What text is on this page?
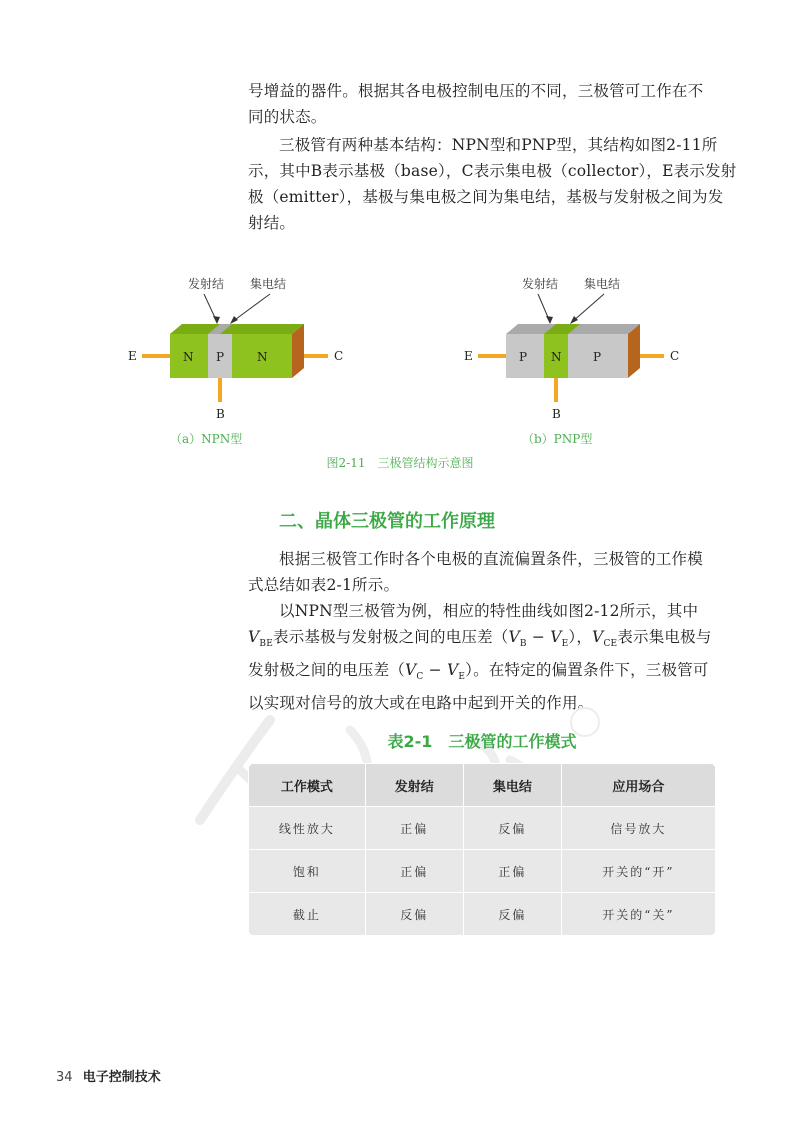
号增益的器件。根据其各电极控制电压的不同，三极管可工作在不
同的状态。
三极管有两种基本结构：NPN型和PNP型，其结构如图2-11所
示，其中B表示基极（base），C表示集电极（collector），E表示发射
极（emitter），基极与集电极之间为集电结，基极与发射极之间为发
射结。
发射结 集电结
N P	N
E	C
B
发射结 集电结
P N	P
E	C
B
（a）NPN型	（b）PNP型
图2-11　三极管结构示意图
二、晶体三极管的工作原理
根据三极管工作时各个电极的直流偏置条件，三极管的工作模
式总结如表2-1所示。
以NPN型三极管为例，相应的特性曲线如图2-12所示，其中
$V_{BE}$表示基极与发射极之间的电压差$(V_B - V_E)$，$V_{CE}$表示集电极与
发射极之间的电压差$(V_C - V_E)$。在特定的偏置条件下，三极管可
以实现对信号的放大或在电路中起到开关的作用。
表2-1　三极管的工作模式
工作模式	发射结	集电结	应用场合
线性放大	正偏	反偏	信号放大
饱和	正偏	正偏	开关的“开”
截止	反偏	反偏	开关的“关”
34 电子控制技术
